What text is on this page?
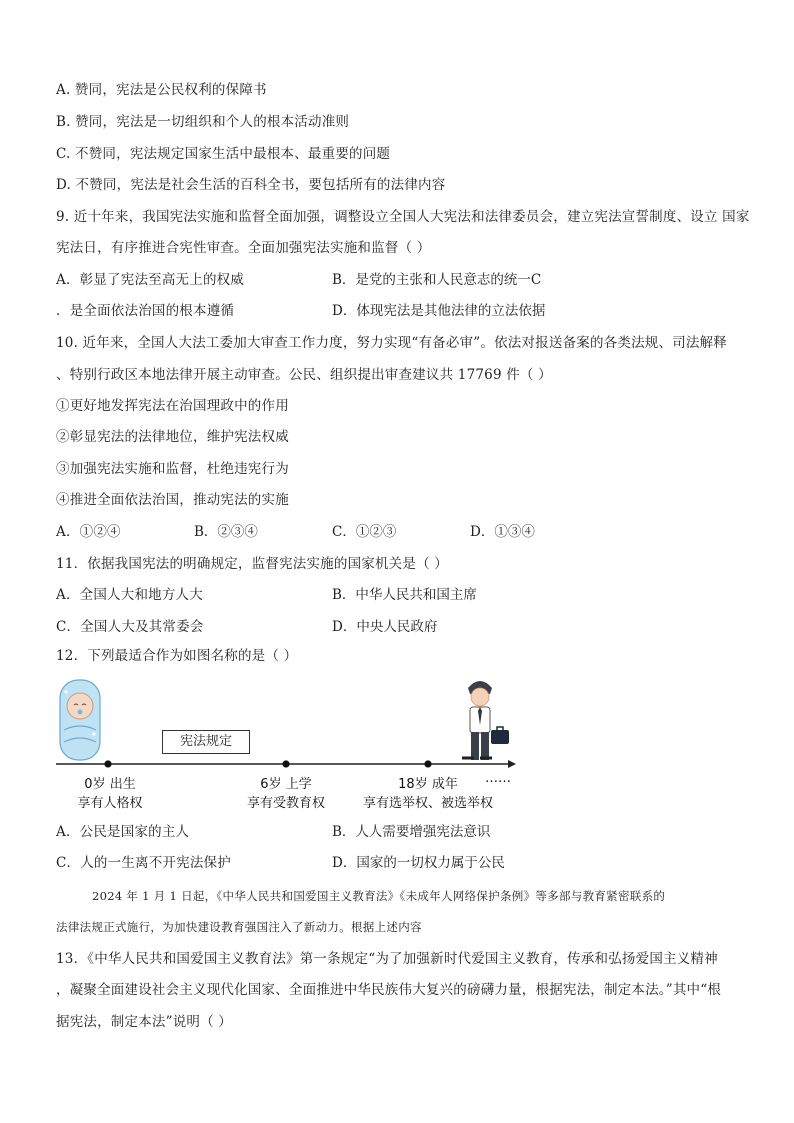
A. 赞同，宪法是公民权利的保障书
B. 赞同，宪法是一切组织和个人的根本活动准则
C. 不赞同，宪法规定国家生活中最根本、最重要的问题
D. 不赞同，宪法是社会生活的百科全书，要包括所有的法律内容
9. 近十年来，我国宪法实施和监督全面加强，调整设立全国人大宪法和法律委员会，建立宪法宣誓制度、设立 国家
宪法日，有序推进合宪性审查。全面加强宪法实施和监督（ ）
A．彰显了宪法至高无上的权威	B．是党的主张和人民意志的统一C
．是全面依法治国的根本遵循	D．体现宪法是其他法律的立法依据
10. 近年来，全国人大法工委加大审查工作力度，努力实现“有备必审”。依法对报送备案的各类法规、司法解释
、特别行政区本地法律开展主动审查。公民、组织提出审查建议共 17769 件（ ）
①更好地发挥宪法在治国理政中的作用
②彰显宪法的法律地位，维护宪法权威
③加强宪法实施和监督，杜绝违宪行为
④推进全面依法治国，推动宪法的实施
A．①②④	B．②③④	C．①②③	D．①③④
11．依据我国宪法的明确规定，监督宪法实施的国家机关是（ ）
A．全国人大和地方人大	B．中华人民共和国主席
C．全国人大及其常委会	D．中央人民政府
12．下列最适合作为如图名称的是（ ）
宪法规定
0岁 出生
享有人格权
6岁 上学
享有受教育权
18岁 成年
享有选举权、被选举权
……
A．公民是国家的主人	B．人人需要增强宪法意识
C．人的一生离不开宪法保护	D．国家的一切权力属于公民
2024 年 1 月 1 日起，《中华人民共和国爱国主义教育法》《未成年人网络保护条例》等多部与教育紧密联系的
法律法规正式施行，为加快建设教育强国注入了新动力。根据上述内容
13．《中华人民共和国爱国主义教育法》第一条规定“为了加强新时代爱国主义教育，传承和弘扬爱国主义精神
，凝聚全面建设社会主义现代化国家、全面推进中华民族伟大复兴的磅礴力量，根据宪法，制定本法。”其中“根
据宪法，制定本法”说明（ ）
